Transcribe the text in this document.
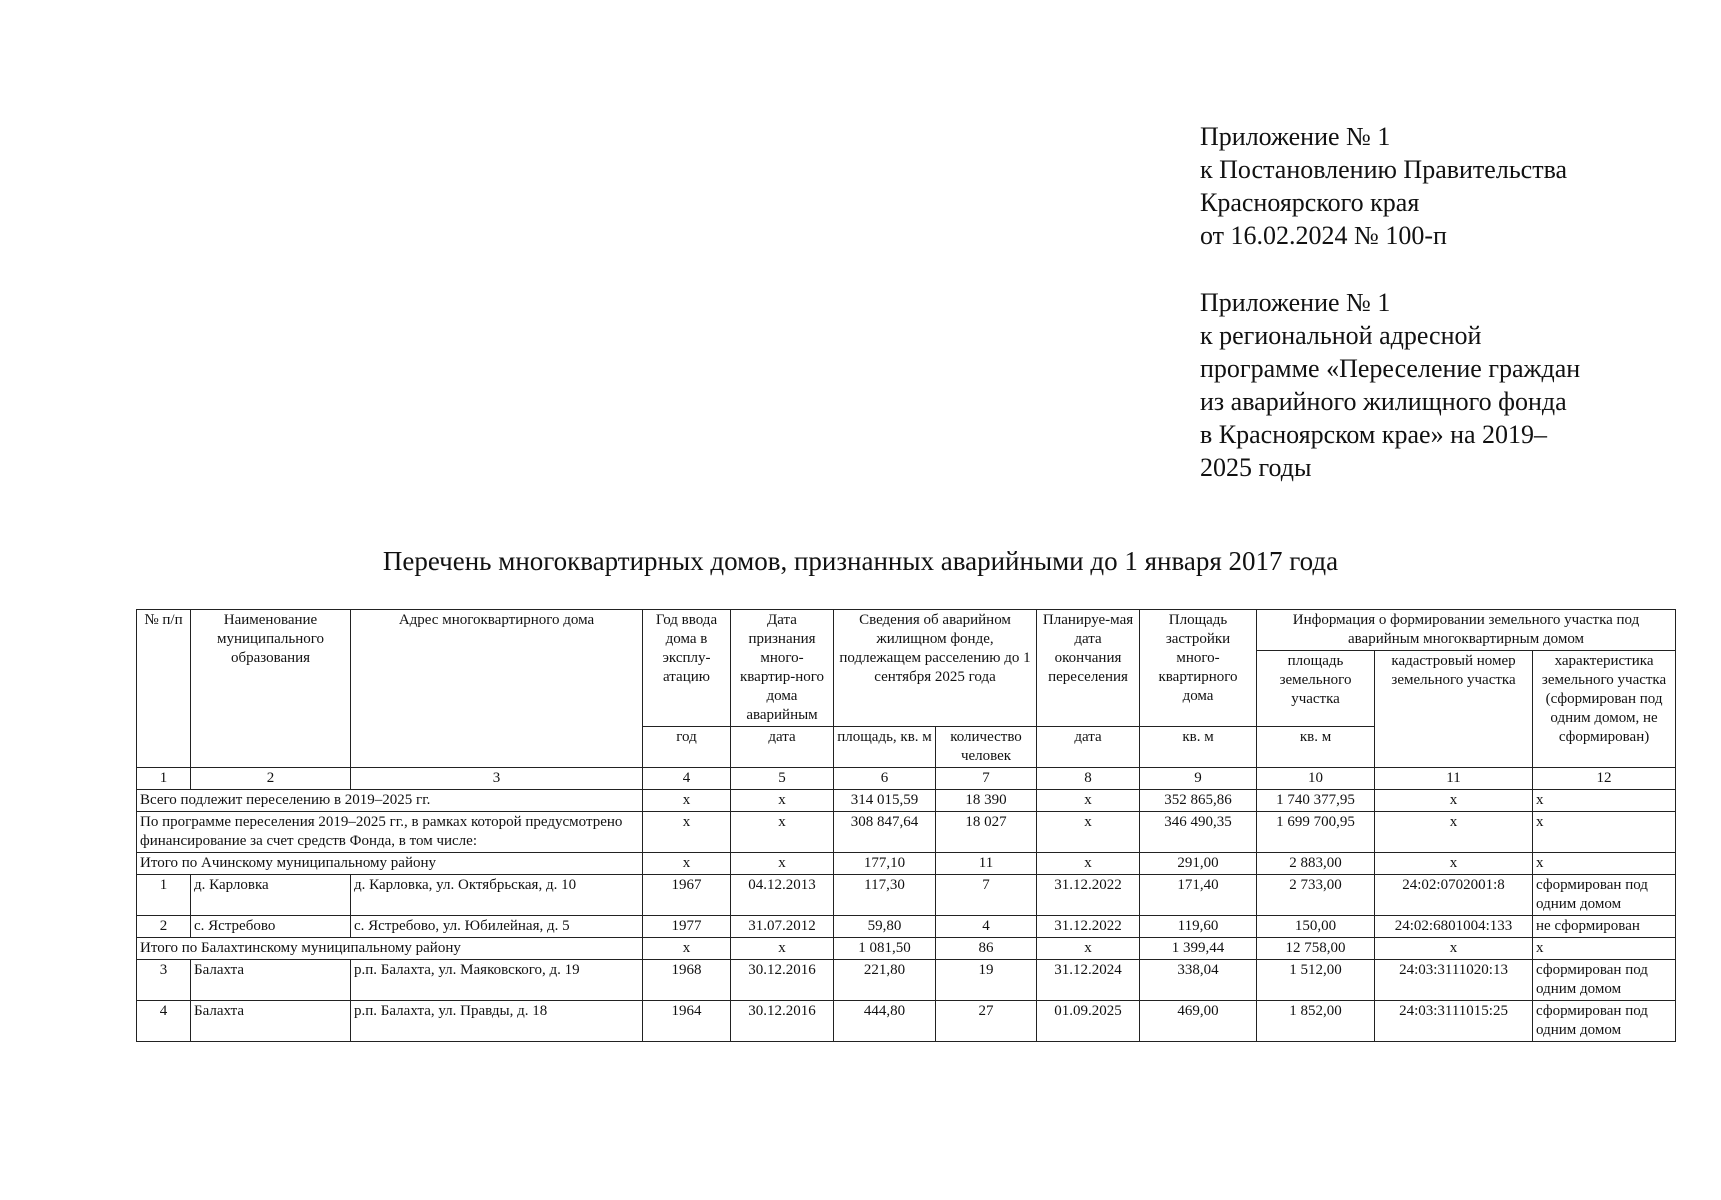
Приложение № 1
к Постановлению Правительства
Красноярского края
от 16.02.2024 № 100-п
Приложение № 1
к региональной адресной
программе «Переселение граждан
из аварийного жилищного фонда
в Красноярском крае» на 2019–
2025 годы
Перечень многоквартирных домов, признанных аварийными до 1 января 2017 года
№ п/п	Наименование муниципального образования	Адрес многоквартирного дома	Год ввода дома в эксплу-атацию	Дата признания много-квартир-ного дома аварийным	Сведения об аварийном жилищном фонде, подлежащем расселению до 1 сентября 2025 года		Планируе-мая дата окончания переселения	Площадь застройки много-квартирного дома	Информация о формировании земельного участка под аварийным многоквартирным домом		
									площадь земельного участка	кадастровый номер земельного участка	характеристика земельного участка (сформирован под одним домом, не сформирован)
			год	дата	площадь, кв. м	количество человек	дата	кв. м	кв. м		
1	2	3	4	5	6	7	8	9	10	11	12
Всего подлежит переселению в 2019–2025 гг.			х	х	314 015,59	18 390	х	352 865,86	1 740 377,95	х	х
По программе переселения 2019–2025 гг., в рамках которой предусмотрено финансирование за счет средств Фонда, в том числе:			х	х	308 847,64	18 027	х	346 490,35	1 699 700,95	х	х
Итого по Ачинскому муниципальному району			х	х	177,10	11	х	291,00	2 883,00	х	х
1	д. Карловка	д. Карловка, ул. Октябрьская, д. 10	1967	04.12.2013	117,30	7	31.12.2022	171,40	2 733,00	24:02:0702001:8	сформирован под одним домом
2	с. Ястребово	с. Ястребово, ул. Юбилейная, д. 5	1977	31.07.2012	59,80	4	31.12.2022	119,60	150,00	24:02:6801004:133	не сформирован
Итого по Балахтинскому муниципальному району			х	х	1 081,50	86	х	1 399,44	12 758,00	х	х
3	Балахта	р.п. Балахта, ул. Маяковского, д. 19	1968	30.12.2016	221,80	19	31.12.2024	338,04	1 512,00	24:03:3111020:13	сформирован под одним домом
4	Балахта	р.п. Балахта, ул. Правды, д. 18	1964	30.12.2016	444,80	27	01.09.2025	469,00	1 852,00	24:03:3111015:25	сформирован под одним домом
